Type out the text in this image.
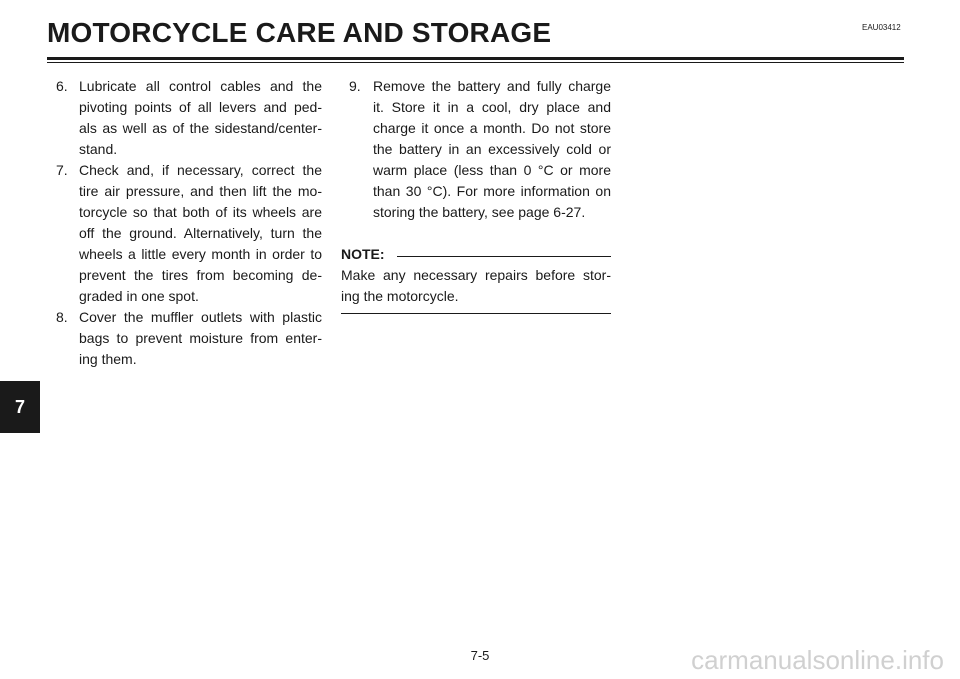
MOTORCYCLE CARE AND STORAGE	EAU03412
6. Lubricate all control cables and the pivoting points of all levers and ped- als as well as of the sidestand/center- stand.
7. Check and, if necessary, correct the tire air pressure, and then lift the mo- torcycle so that both of its wheels are off the ground. Alternatively, turn the wheels a little every month in order to prevent the tires from becoming de- graded in one spot.
8. Cover the muffler outlets with plastic bags to prevent moisture from enter- ing them.
9. Remove the battery and fully charge it. Store it in a cool, dry place and charge it once a month. Do not store the battery in an excessively cold or warm place (less than 0 °C or more than 30 °C). For more information on storing the battery, see page 6-27.
NOTE:
Make any necessary repairs before stor- ing the motorcycle.
7
7-5	carmanualsonline.info
